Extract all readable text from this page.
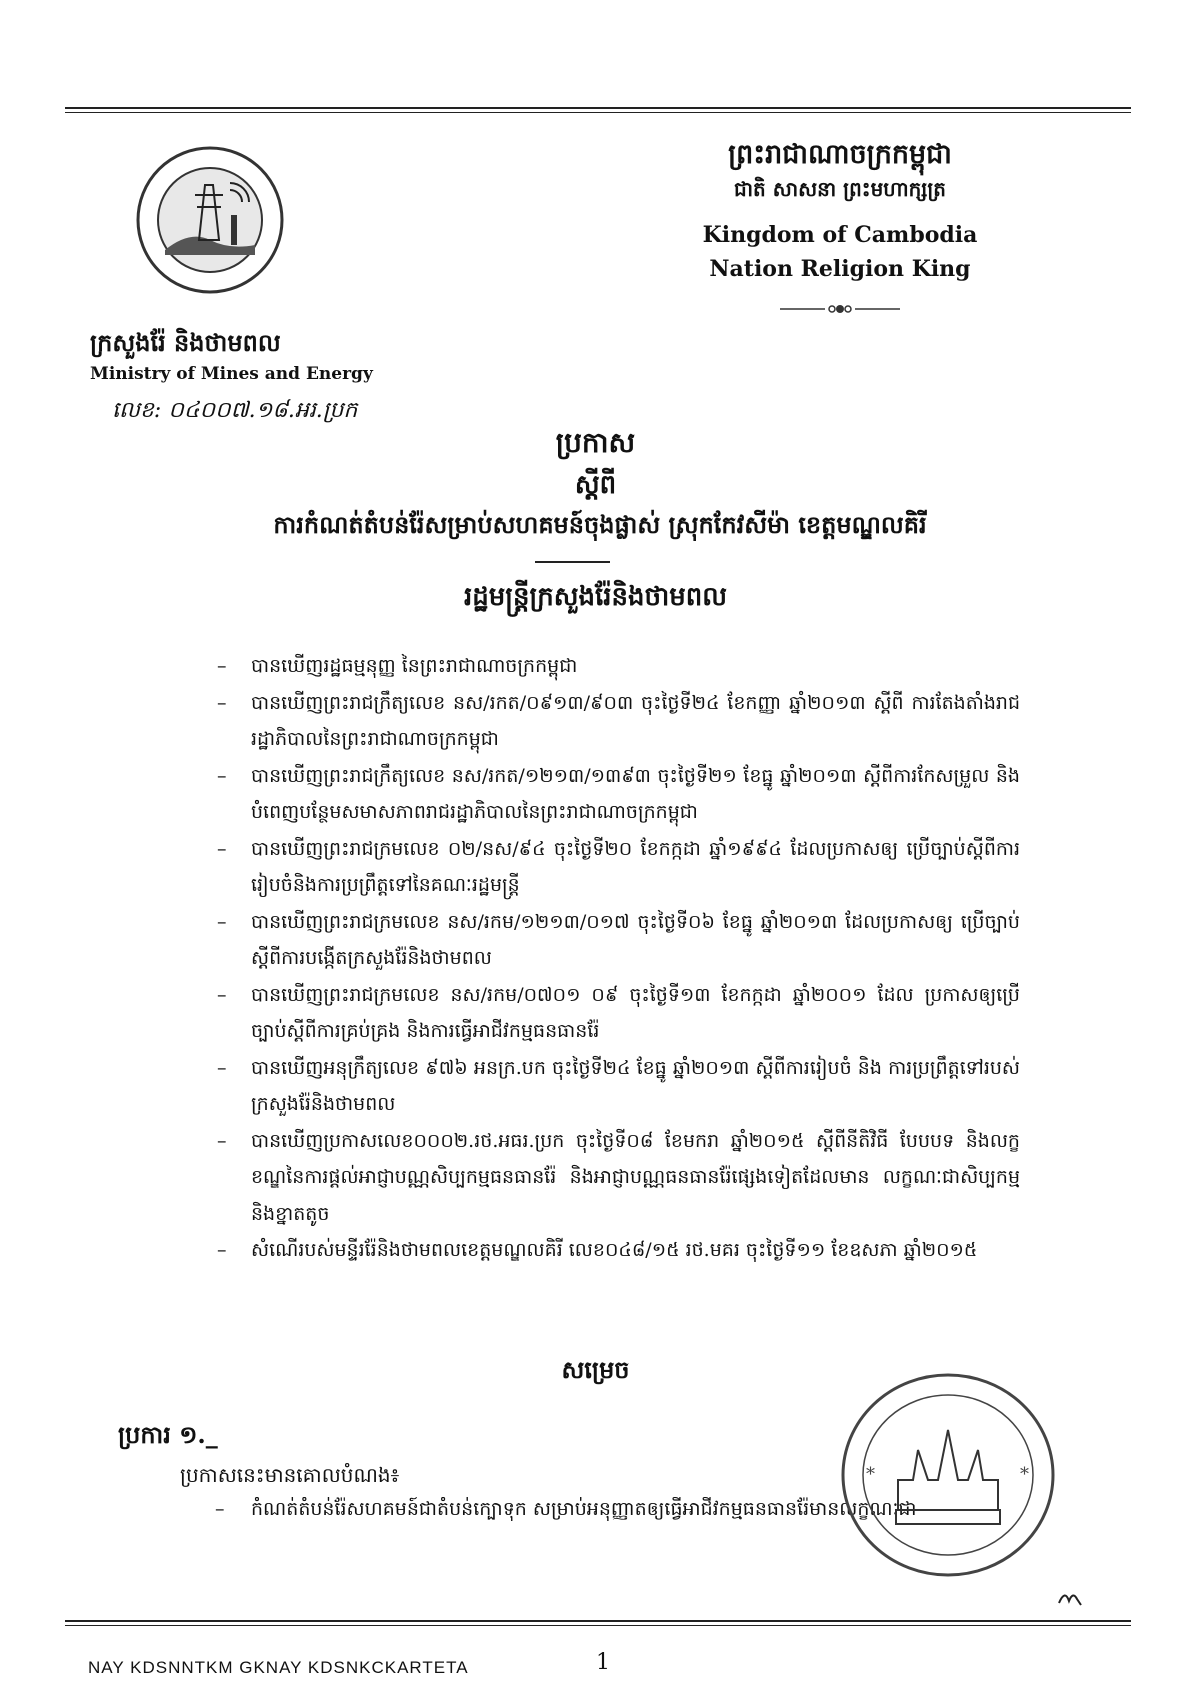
ក្រសួងរ៉ែ និងថាមពល
Ministry of Mines and Energy
លេខ: ០៤០០៧.១៨.អរ.ប្រក
ព្រះរាជាណាចក្រកម្ពុជា
ជាតិ សាសនា ព្រះមហាក្សត្រ
Kingdom of Cambodia
Nation Religion King
ប្រកាស
ស្ដីពី
ការកំណត់តំបន់រ៉ែសម្រាប់សហគមន៍ចុងផ្លាស់ ស្រុកកែវសីម៉ា ខេត្តមណ្ឌលគិរី
រដ្ឋមន្ត្រីក្រសួងរ៉ែនិងថាមពល
– បានឃើញរដ្ឋធម្មនុញ្ញ នៃព្រះរាជាណាចក្រកម្ពុជា
– បានឃើញព្រះរាជក្រឹត្យលេខ នស/រកត/០៩១៣/៩០៣ ចុះថ្ងៃទី២៤ ខែកញ្ញា ឆ្នាំ២០១៣ ស្ដីពី ការតែងតាំងរាជរដ្ឋាភិបាលនៃព្រះរាជាណាចក្រកម្ពុជា
– បានឃើញព្រះរាជក្រឹត្យលេខ នស/រកត/១២១៣/១៣៩៣ ចុះថ្ងៃទី២១ ខែធ្នូ ឆ្នាំ២០១៣ ស្ដីពីការកែសម្រួល និងបំពេញបន្ថែមសមាសភាពរាជរដ្ឋាភិបាលនៃព្រះរាជាណាចក្រកម្ពុជា
– បានឃើញព្រះរាជក្រមលេខ ០២/នស/៩៤ ចុះថ្ងៃទី២០ ខែកក្កដា ឆ្នាំ១៩៩៤ ដែលប្រកាសឲ្យ ប្រើច្បាប់ស្ដីពីការរៀបចំនិងការប្រព្រឹត្តទៅនៃគណៈរដ្ឋមន្ត្រី
– បានឃើញព្រះរាជក្រមលេខ នស/រកម/១២១៣/០១៧ ចុះថ្ងៃទី០៦ ខែធ្នូ ឆ្នាំ២០១៣ ដែលប្រកាសឲ្យ ប្រើច្បាប់ស្ដីពីការបង្កើតក្រសួងរ៉ែនិងថាមពល
– បានឃើញព្រះរាជក្រមលេខ នស/រកម/០៧០១ ០៩ ចុះថ្ងៃទី១៣ ខែកក្កដា ឆ្នាំ២០០១ ដែល ប្រកាសឲ្យប្រើច្បាប់ស្ដីពីការគ្រប់គ្រង និងការធ្វើអាជីវកម្មធនធានរ៉ែ
– បានឃើញអនុក្រឹត្យលេខ ៩៧៦ អនក្រ.បក ចុះថ្ងៃទី២៤ ខែធ្នូ ឆ្នាំ២០១៣ ស្ដីពីការរៀបចំ និង ការប្រព្រឹត្តទៅរបស់ក្រសួងរ៉ែនិងថាមពល
– បានឃើញប្រកាសលេខ០០០២.រថ.អធរ.ប្រក ចុះថ្ងៃទី០៨ ខែមករា ឆ្នាំ២០១៥ ស្ដីពីនីតិវិធី បែបបទ និងលក្ខខណ្ឌនៃការផ្ដល់អាជ្ញាបណ្ណសិប្បកម្មធនធានរ៉ែ និងអាជ្ញាបណ្ណធនធានរ៉ែផ្សេងទៀតដែលមាន លក្ខណៈជាសិប្បកម្ម និងខ្នាតតូច
– សំណើរបស់មន្ទីររ៉ែនិងថាមពលខេត្តមណ្ឌលគិរី លេខ០៤៨/១៥ រថ.មគរ ចុះថ្ងៃទី១១ ខែឧសភា ឆ្នាំ២០១៥
សម្រេច
ប្រការ ១._
ប្រកាសនេះមានគោលបំណង៖
– កំណត់តំបន់រ៉ែសហគមន៍ជាតំបន់ក្បោទុក សម្រាប់អនុញ្ញាតឲ្យធ្វើអាជីវកម្មធនធានរ៉ែមានលក្ខណៈជា
*	*
NAY KDSNNTKM GKNAY KDSNKCKARTETA	1
